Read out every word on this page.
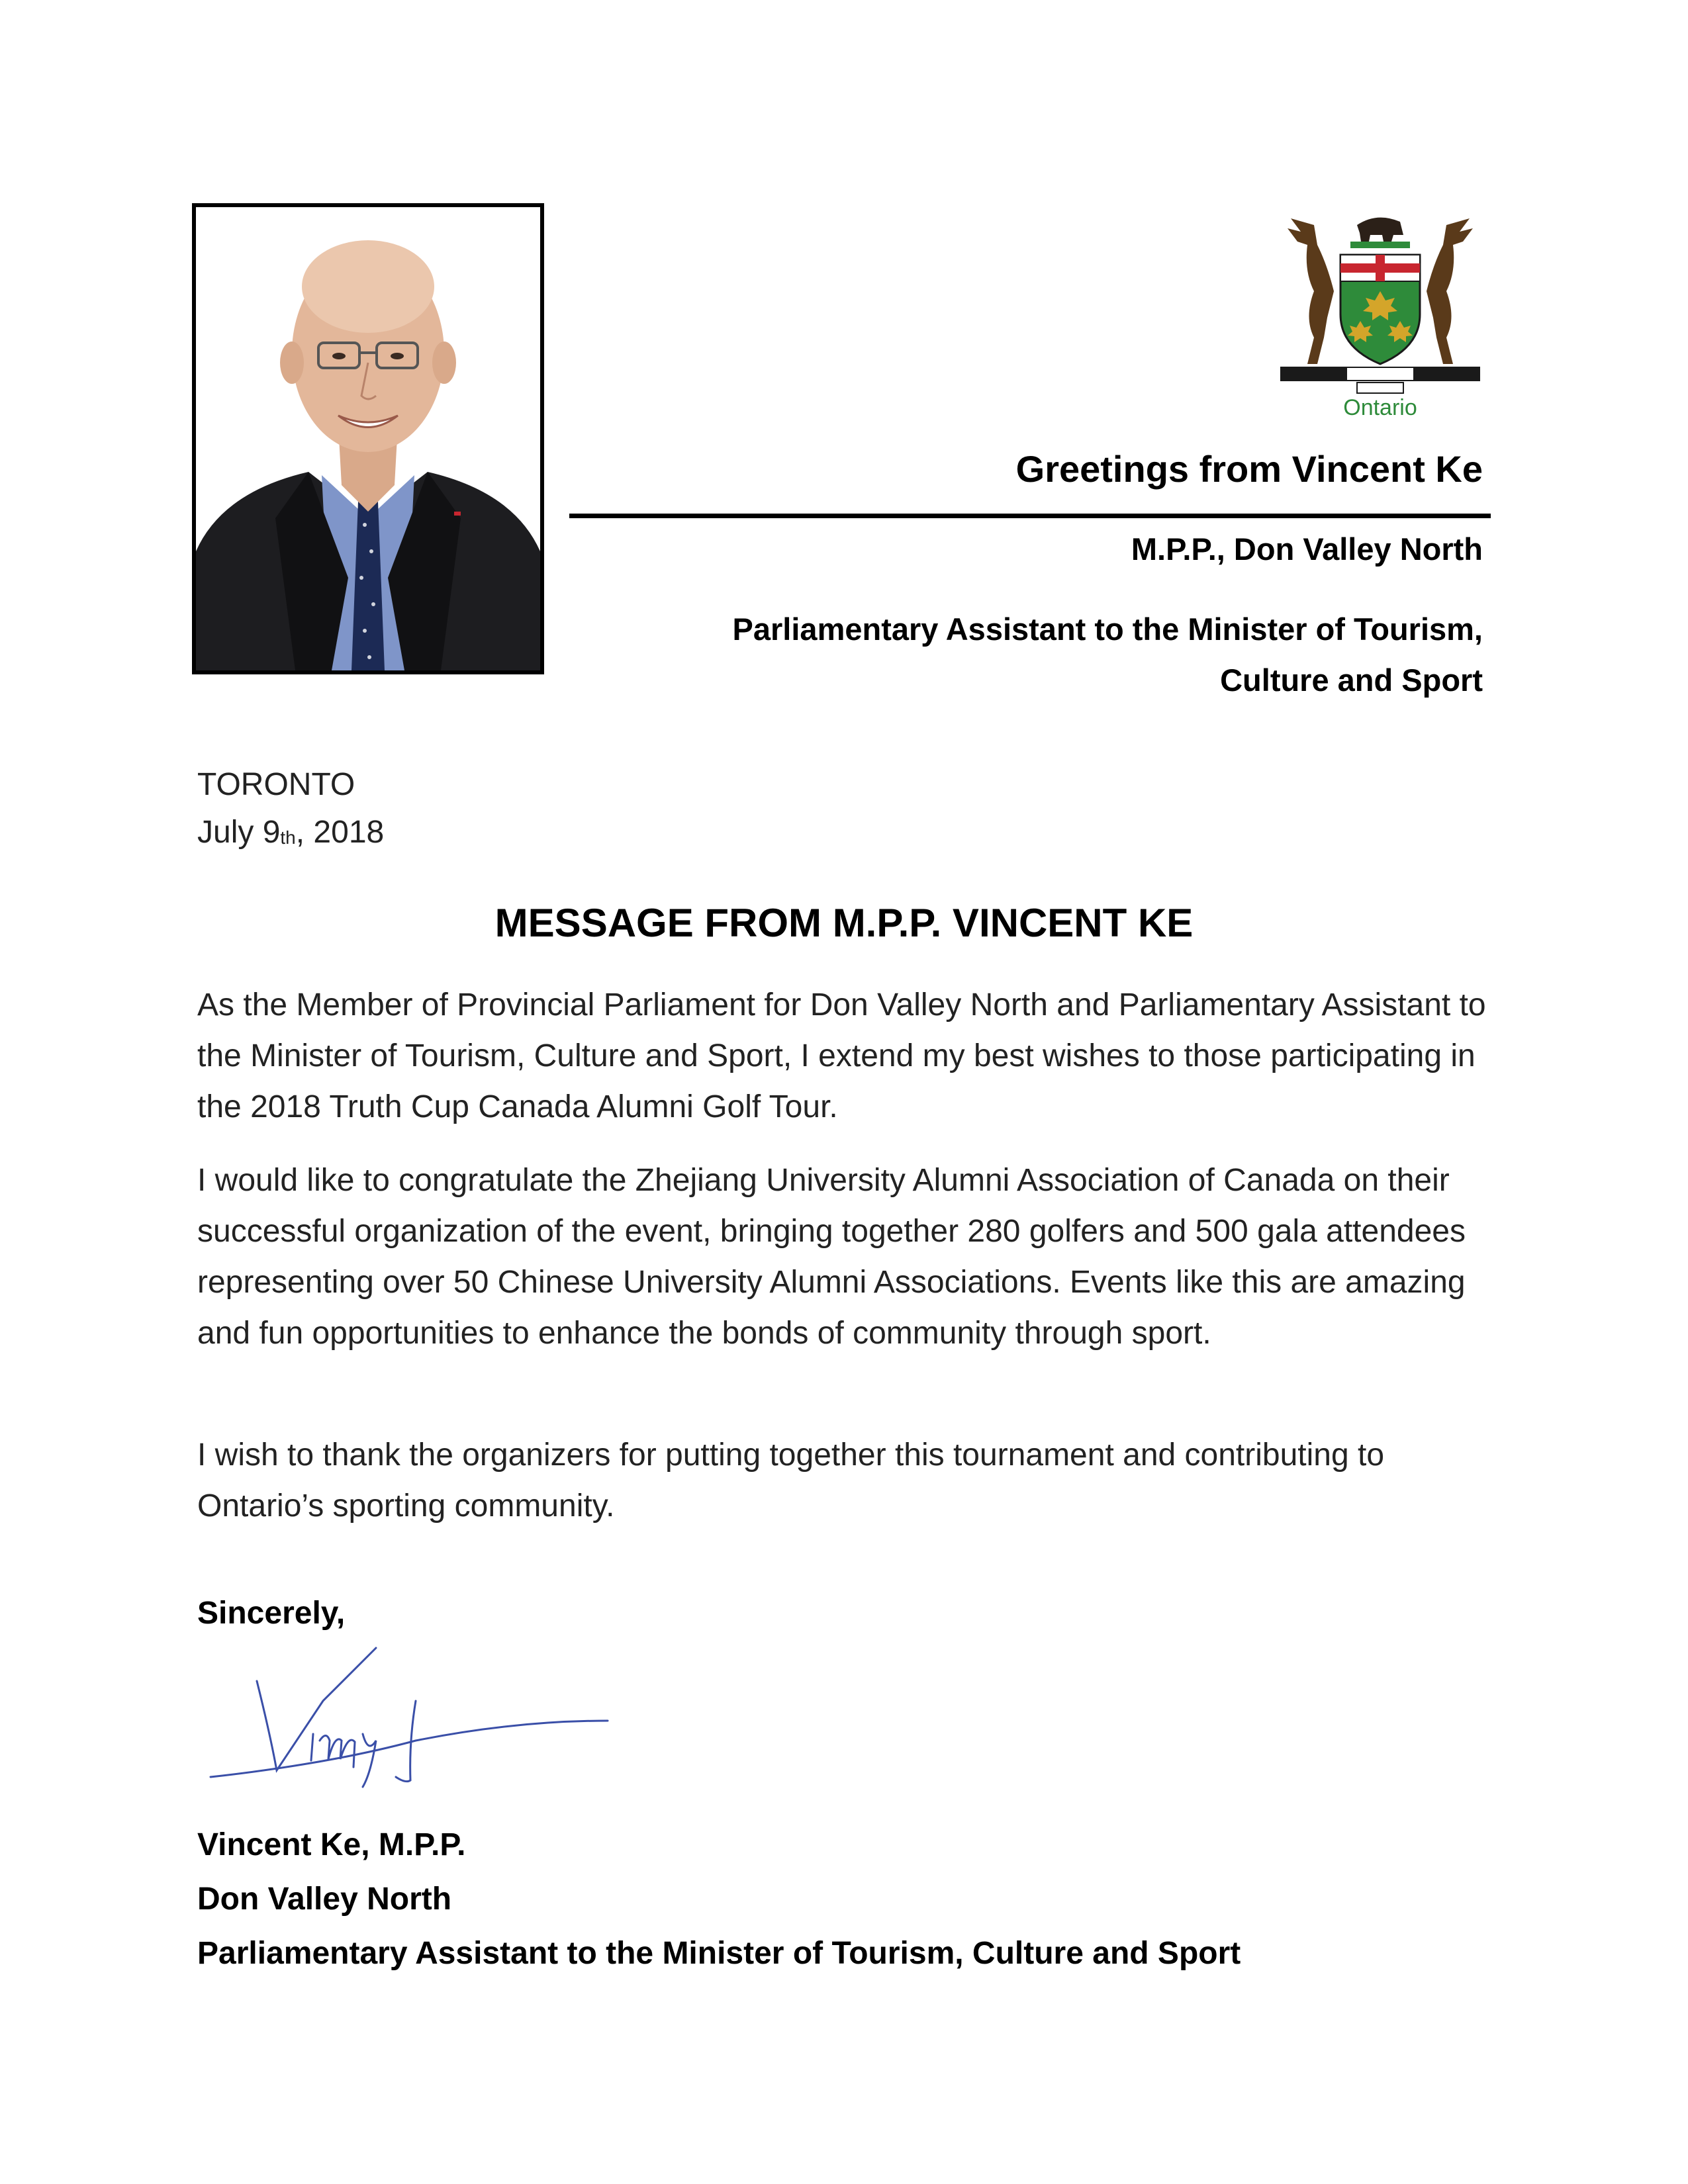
Ontario
Greetings from Vincent Ke
M.P.P., Don Valley North
Parliamentary Assistant to the Minister of Tourism,
Culture and Sport
TORONTO
July 9th, 2018
MESSAGE FROM M.P.P. VINCENT KE

As the Member of Provincial Parliament for Don Valley North and Parliamentary Assistant to the Minister of Tourism, Culture and Sport, I extend my best wishes to those participating in the 2018 Truth Cup Canada Alumni Golf Tour.

I would like to congratulate the Zhejiang University Alumni Association of Canada on their successful organization of the event, bringing together 280 golfers and 500 gala attendees representing over 50 Chinese University Alumni Associations. Events like this are amazing and fun opportunities to enhance the bonds of community through sport.

I wish to thank the organizers for putting together this tournament and contributing to Ontario’s sporting community.

Sincerely,
Vincent Ke, M.P.P.
Don Valley North
Parliamentary Assistant to the Minister of Tourism, Culture and Sport
